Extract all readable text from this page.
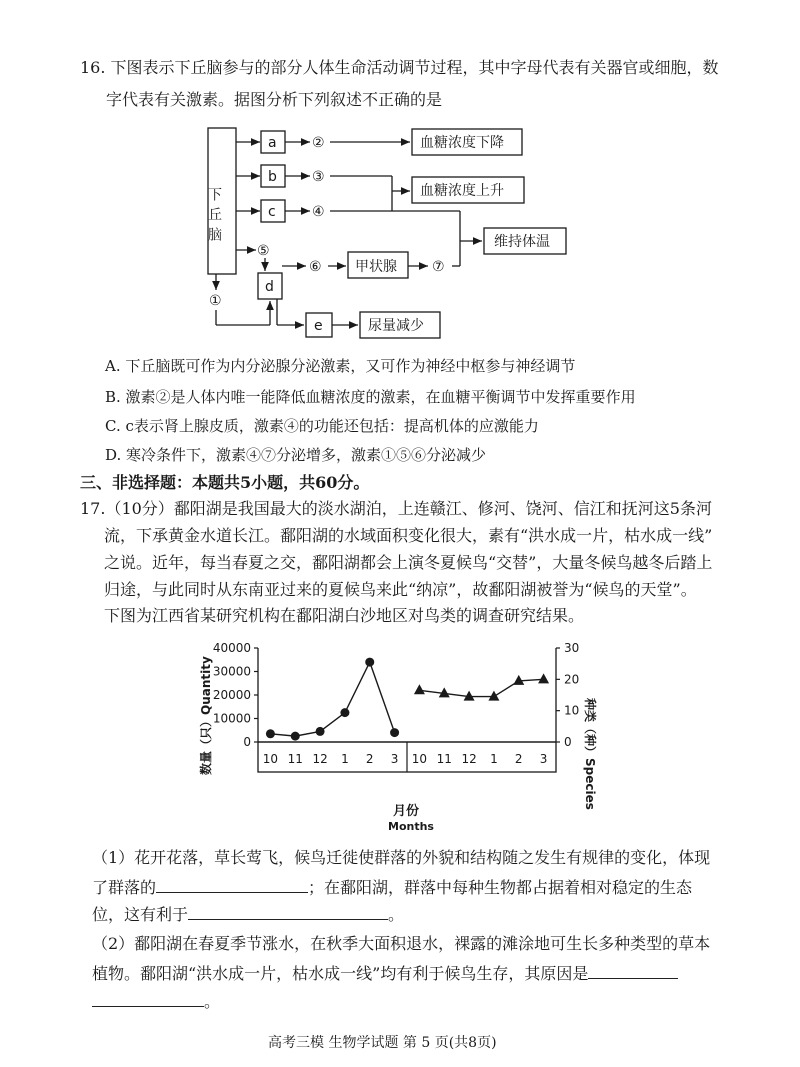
16. 下图表示下丘脑参与的部分人体生命活动调节过程，其中字母代表有关器官或细胞，数
字代表有关激素。据图分析下列叙述不正确的是
下丘脑
a
b
c
d
e
②
③
④
⑤
⑥	⑦
①
血糖浓度下降
血糖浓度上升
维持体温
甲状腺
尿量减少
A. 下丘脑既可作为内分泌腺分泌激素，又可作为神经中枢参与神经调节
B. 激素②是人体内唯一能降低血糖浓度的激素，在血糖平衡调节中发挥重要作用
C. c表示肾上腺皮质，激素④的功能还包括：提高机体的应激能力
D. 寒冷条件下，激素④⑦分泌增多，激素①⑤⑥分泌减少
三、非选择题：本题共5小题，共60分。
17.（10分）鄱阳湖是我国最大的淡水湖泊，上连赣江、修河、饶河、信江和抚河这5条河
流，下承黄金水道长江。鄱阳湖的水域面积变化很大，素有“洪水成一片，枯水成一线”
之说。近年，每当春夏之交，鄱阳湖都会上演冬夏候鸟“交替”，大量冬候鸟越冬后踏上
归途，与此同时从东南亚过来的夏候鸟来此“纳凉”，故鄱阳湖被誉为“候鸟的天堂”。
下图为江西省某研究机构在鄱阳湖白沙地区对鸟类的调查研究结果。
40000
30000
20000
10000
0
30
20
10
0
10 11 12 1 2 3 10 11 12 1 2 3
月份
Months
数量（只）Quantity	种类（种）Species
（1）花开花落，草长莺飞，候鸟迁徙使群落的外貌和结构随之发生有规律的变化，体现
了群落的	；在鄱阳湖，群落中每种生物都占据着相对稳定的生态
位，这有利于	。
（2）鄱阳湖在春夏季节涨水，在秋季大面积退水，裸露的滩涂地可生长多种类型的草本
植物。鄱阳湖“洪水成一片，枯水成一线”均有利于候鸟生存，其原因是
。
高考三模 生物学试题 第 5 页(共8页)
